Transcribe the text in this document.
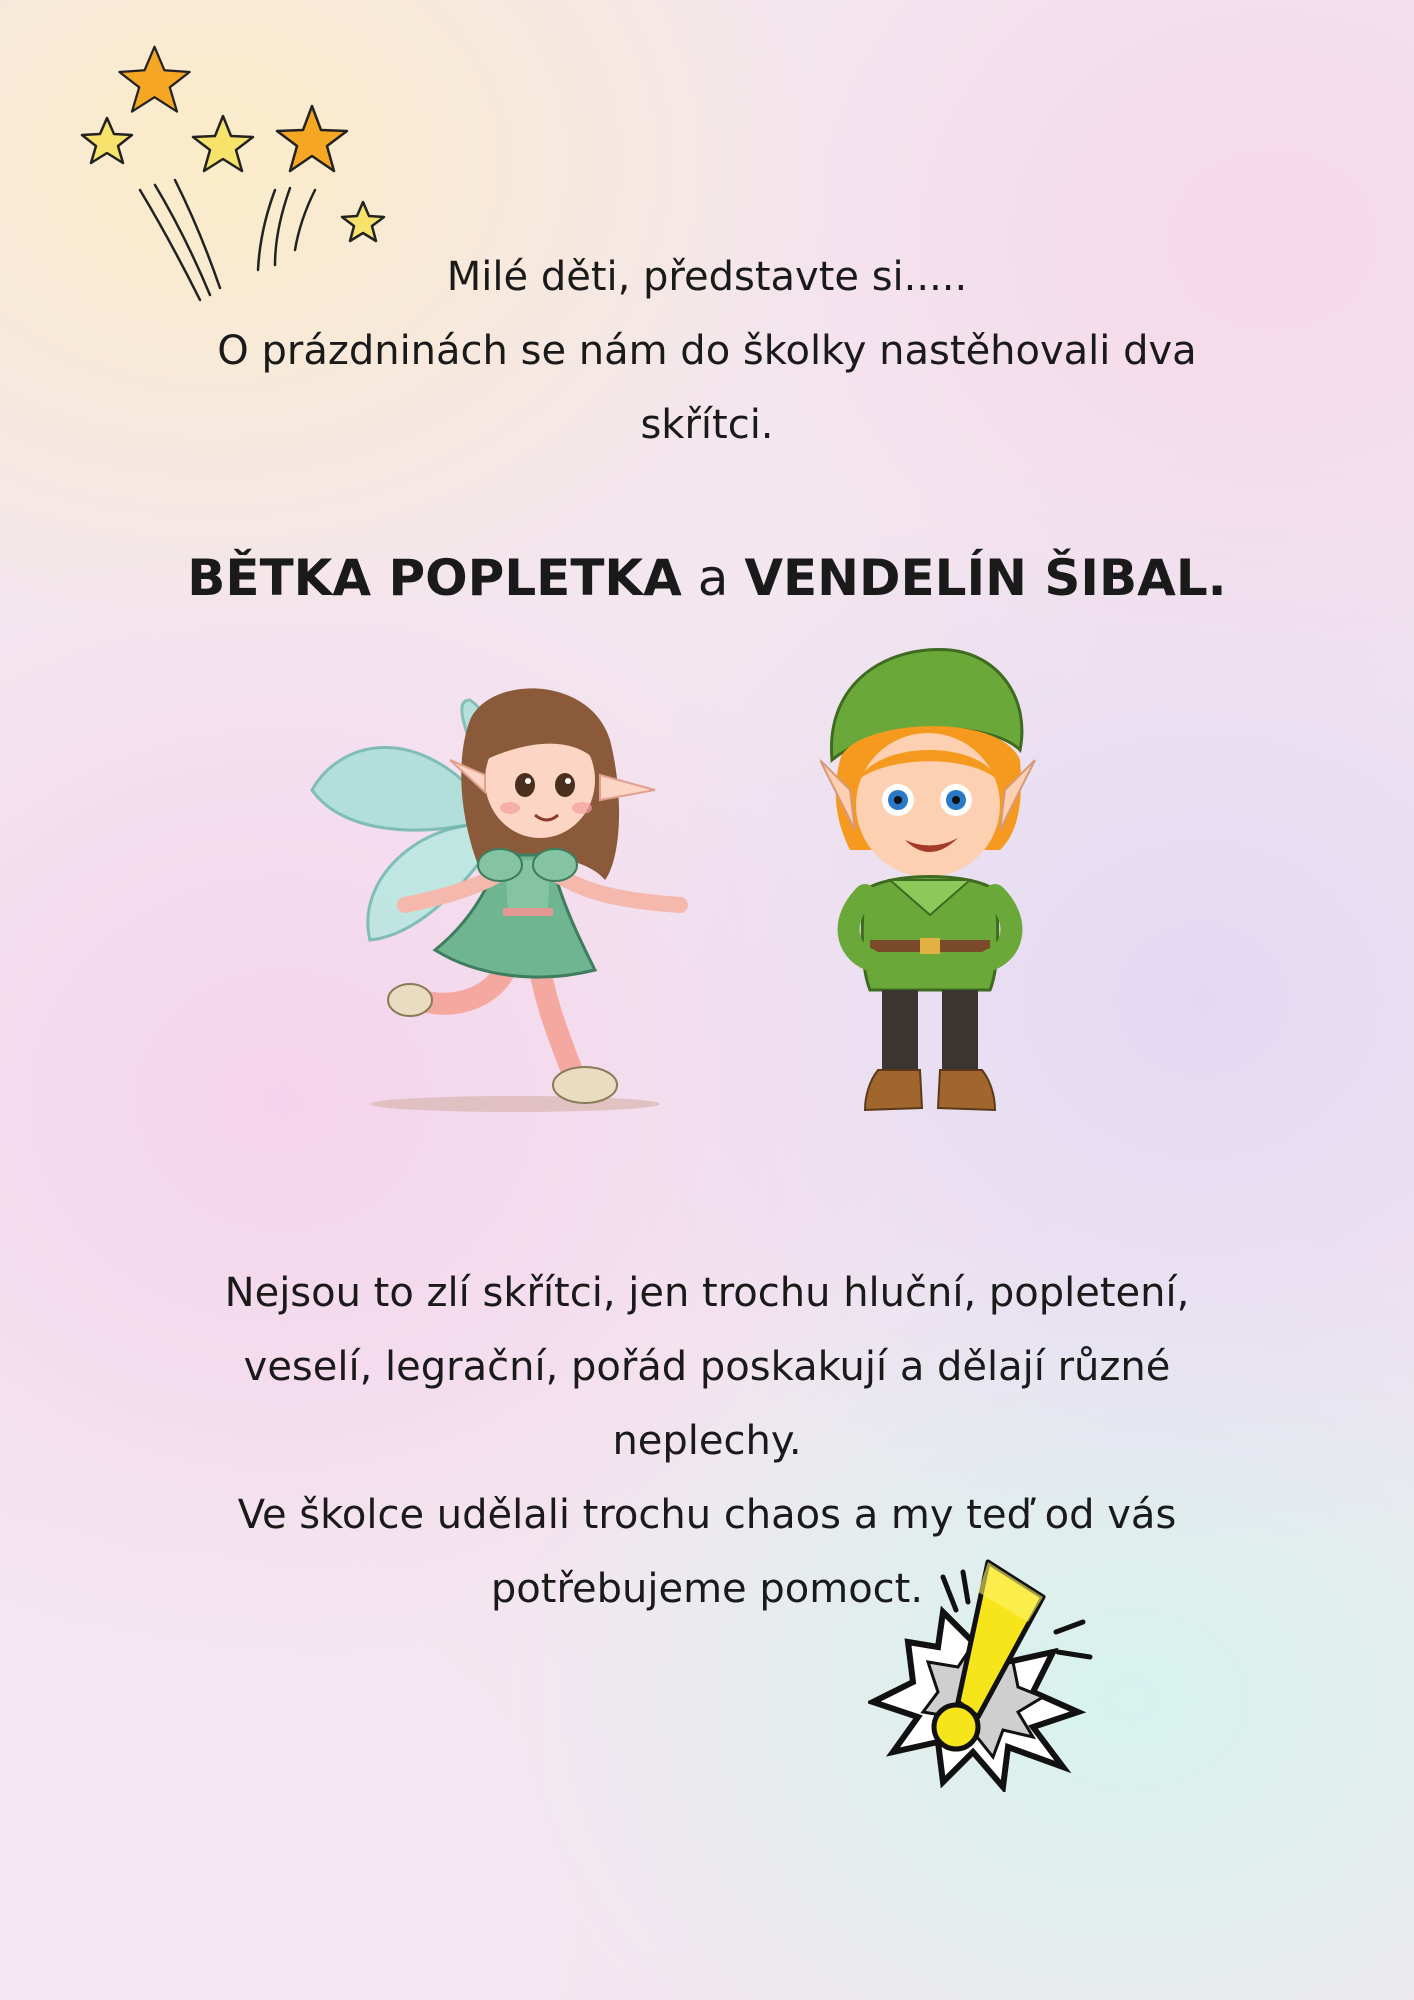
Milé děti, představte si.....
O prázdninách se nám do školky nastěhovali dva
skřítci.
BĚTKA POPLETKA a VENDELÍN ŠIBAL.
Nejsou to zlí skřítci, jen trochu hluční, popletení,
veselí, legrační, pořád poskakují a dělají různé
neplechy.
Ve školce udělali trochu chaos a my teď od vás
potřebujeme pomoct.
